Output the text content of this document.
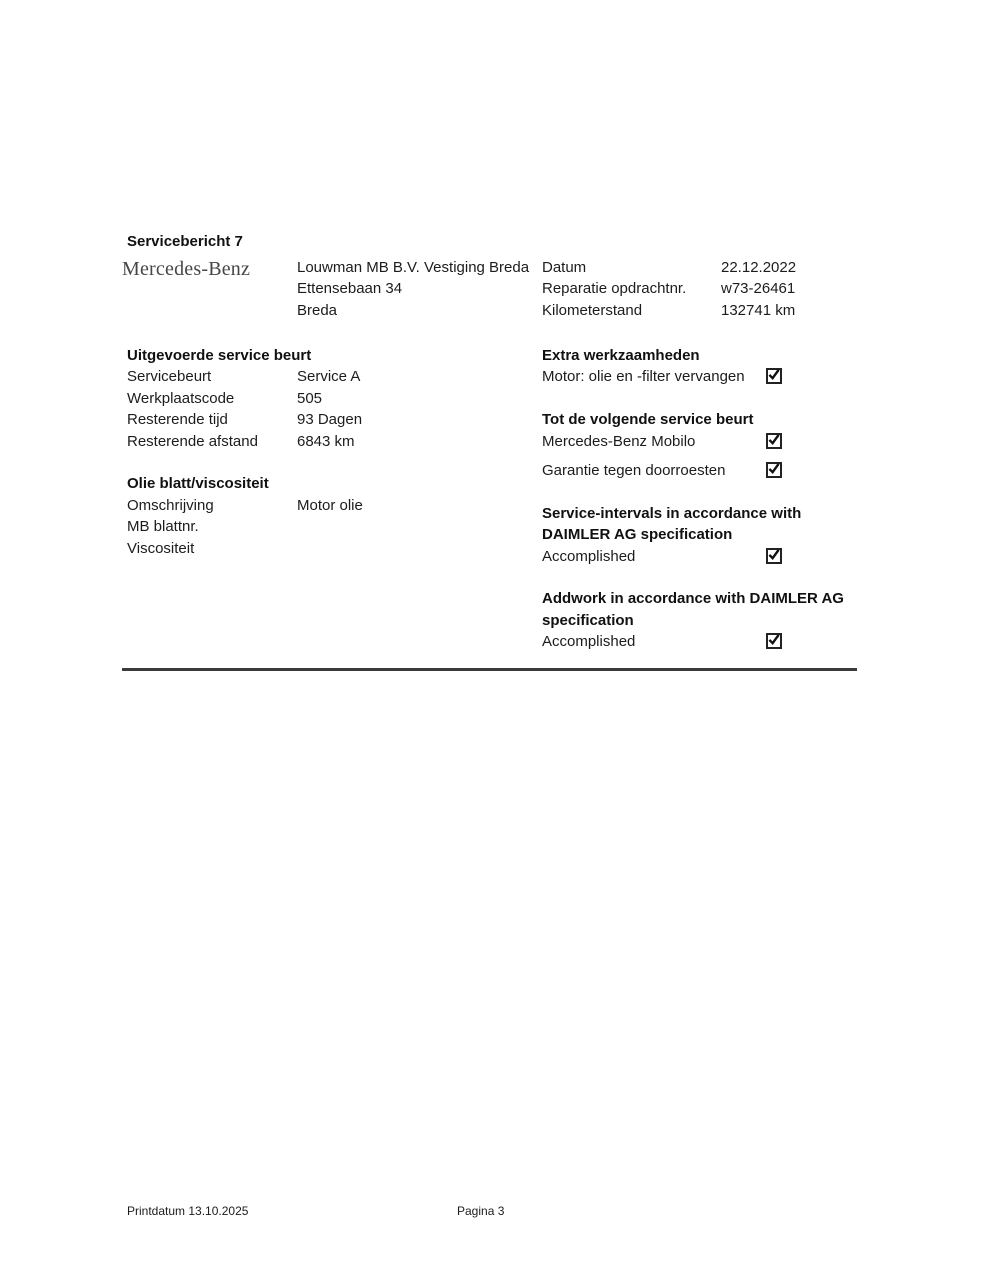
Servicebericht 7
Mercedes-Benz	Louwman MB B.V. Vestiging Breda
Ettensebaan 34
Breda
Datum	22.12.2022
Reparatie opdrachtnr.	w73-26461
Kilometerstand	132741 km
Uitgevoerde service beurt
Servicebeurt	Service A
Werkplaatscode	505
Resterende tijd	93 Dagen
Resterende afstand	6843 km
Olie blatt/viscositeit
Omschrijving	Motor olie
MB blattnr.
Viscositeit
Extra werkzaamheden
Motor: olie en -filter vervangen
Tot de volgende service beurt
Mercedes-Benz Mobilo
Garantie tegen doorroesten
Service-intervals in accordance with DAIMLER AG specification
Accomplished
Addwork in accordance with DAIMLER AG specification
Accomplished
Printdatum 13.10.2025	Pagina 3
